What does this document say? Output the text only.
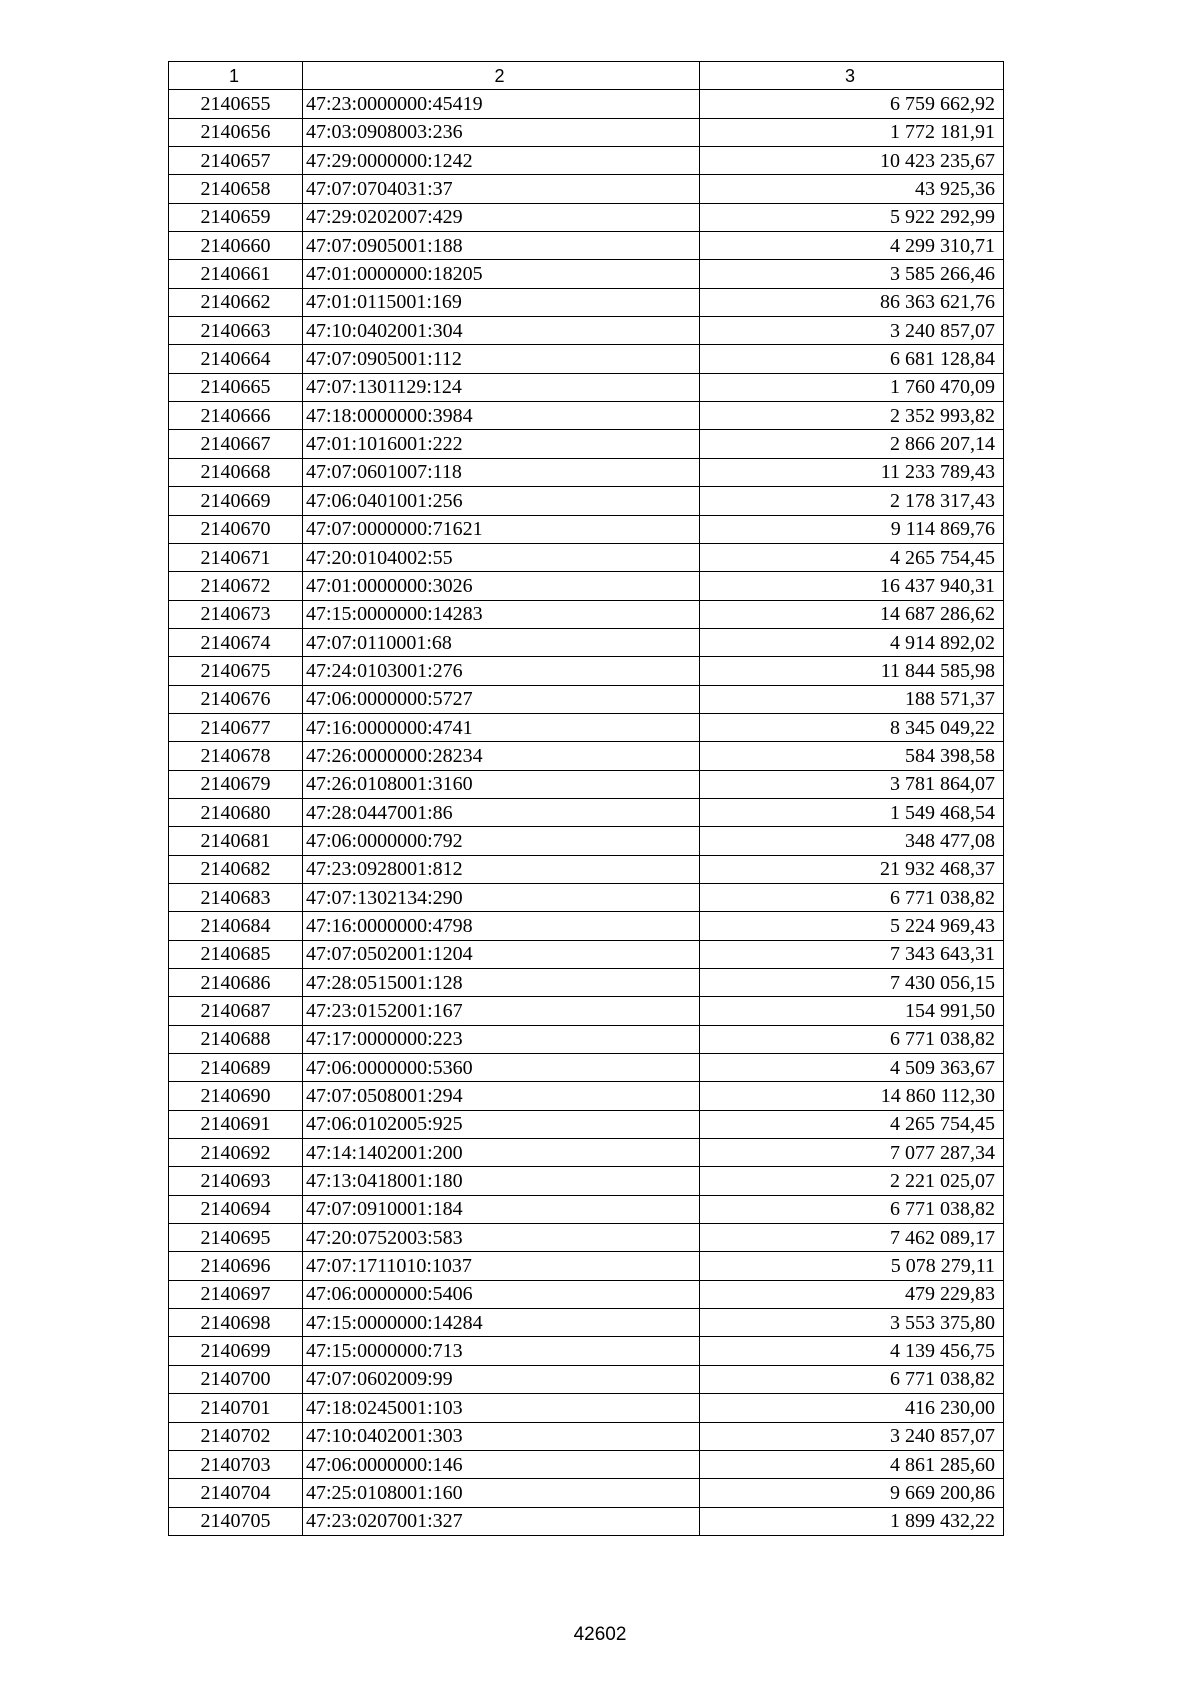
1	2	3
2140655	47:23:0000000:45419	6 759 662,92
2140656	47:03:0908003:236	1 772 181,91
2140657	47:29:0000000:1242	10 423 235,67
2140658	47:07:0704031:37	43 925,36
2140659	47:29:0202007:429	5 922 292,99
2140660	47:07:0905001:188	4 299 310,71
2140661	47:01:0000000:18205	3 585 266,46
2140662	47:01:0115001:169	86 363 621,76
2140663	47:10:0402001:304	3 240 857,07
2140664	47:07:0905001:112	6 681 128,84
2140665	47:07:1301129:124	1 760 470,09
2140666	47:18:0000000:3984	2 352 993,82
2140667	47:01:1016001:222	2 866 207,14
2140668	47:07:0601007:118	11 233 789,43
2140669	47:06:0401001:256	2 178 317,43
2140670	47:07:0000000:71621	9 114 869,76
2140671	47:20:0104002:55	4 265 754,45
2140672	47:01:0000000:3026	16 437 940,31
2140673	47:15:0000000:14283	14 687 286,62
2140674	47:07:0110001:68	4 914 892,02
2140675	47:24:0103001:276	11 844 585,98
2140676	47:06:0000000:5727	188 571,37
2140677	47:16:0000000:4741	8 345 049,22
2140678	47:26:0000000:28234	584 398,58
2140679	47:26:0108001:3160	3 781 864,07
2140680	47:28:0447001:86	1 549 468,54
2140681	47:06:0000000:792	348 477,08
2140682	47:23:0928001:812	21 932 468,37
2140683	47:07:1302134:290	6 771 038,82
2140684	47:16:0000000:4798	5 224 969,43
2140685	47:07:0502001:1204	7 343 643,31
2140686	47:28:0515001:128	7 430 056,15
2140687	47:23:0152001:167	154 991,50
2140688	47:17:0000000:223	6 771 038,82
2140689	47:06:0000000:5360	4 509 363,67
2140690	47:07:0508001:294	14 860 112,30
2140691	47:06:0102005:925	4 265 754,45
2140692	47:14:1402001:200	7 077 287,34
2140693	47:13:0418001:180	2 221 025,07
2140694	47:07:0910001:184	6 771 038,82
2140695	47:20:0752003:583	7 462 089,17
2140696	47:07:1711010:1037	5 078 279,11
2140697	47:06:0000000:5406	479 229,83
2140698	47:15:0000000:14284	3 553 375,80
2140699	47:15:0000000:713	4 139 456,75
2140700	47:07:0602009:99	6 771 038,82
2140701	47:18:0245001:103	416 230,00
2140702	47:10:0402001:303	3 240 857,07
2140703	47:06:0000000:146	4 861 285,60
2140704	47:25:0108001:160	9 669 200,86
2140705	47:23:0207001:327	1 899 432,22
42602
